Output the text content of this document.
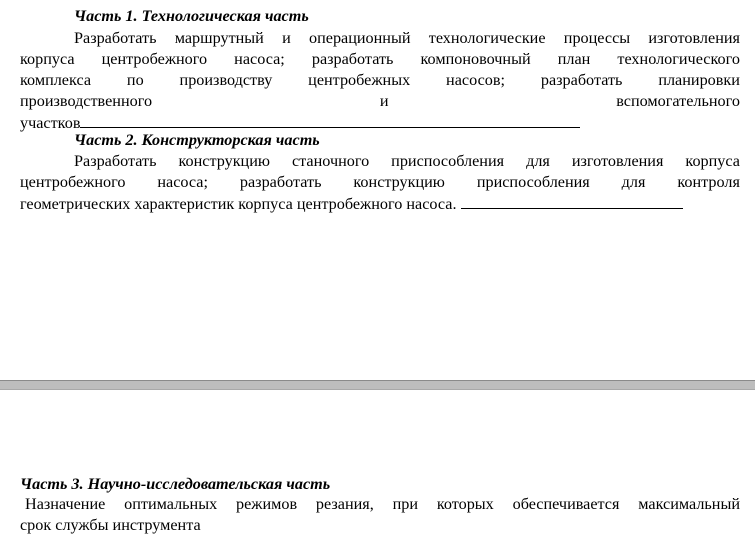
Часть 1. Технологическая часть
Разработать маршрутный и операционный технологические процессы изготовления
корпуса центробежного насоса; разработать компоновочный план технологического
комплекса по производству центробежных насосов; разработать планировки
производственного	и	вспомогательного
участков
Часть 2. Конструкторская часть
Разработать конструкцию станочного приспособления для изготовления корпуса
центробежного насоса; разработать конструкцию приспособления для контроля
геометрических характеристик корпуса центробежного насоса.
Часть 3. Научно-исследовательская часть
Назначение оптимальных режимов резания, при которых обеспечивается максимальный
срок службы инструмента
